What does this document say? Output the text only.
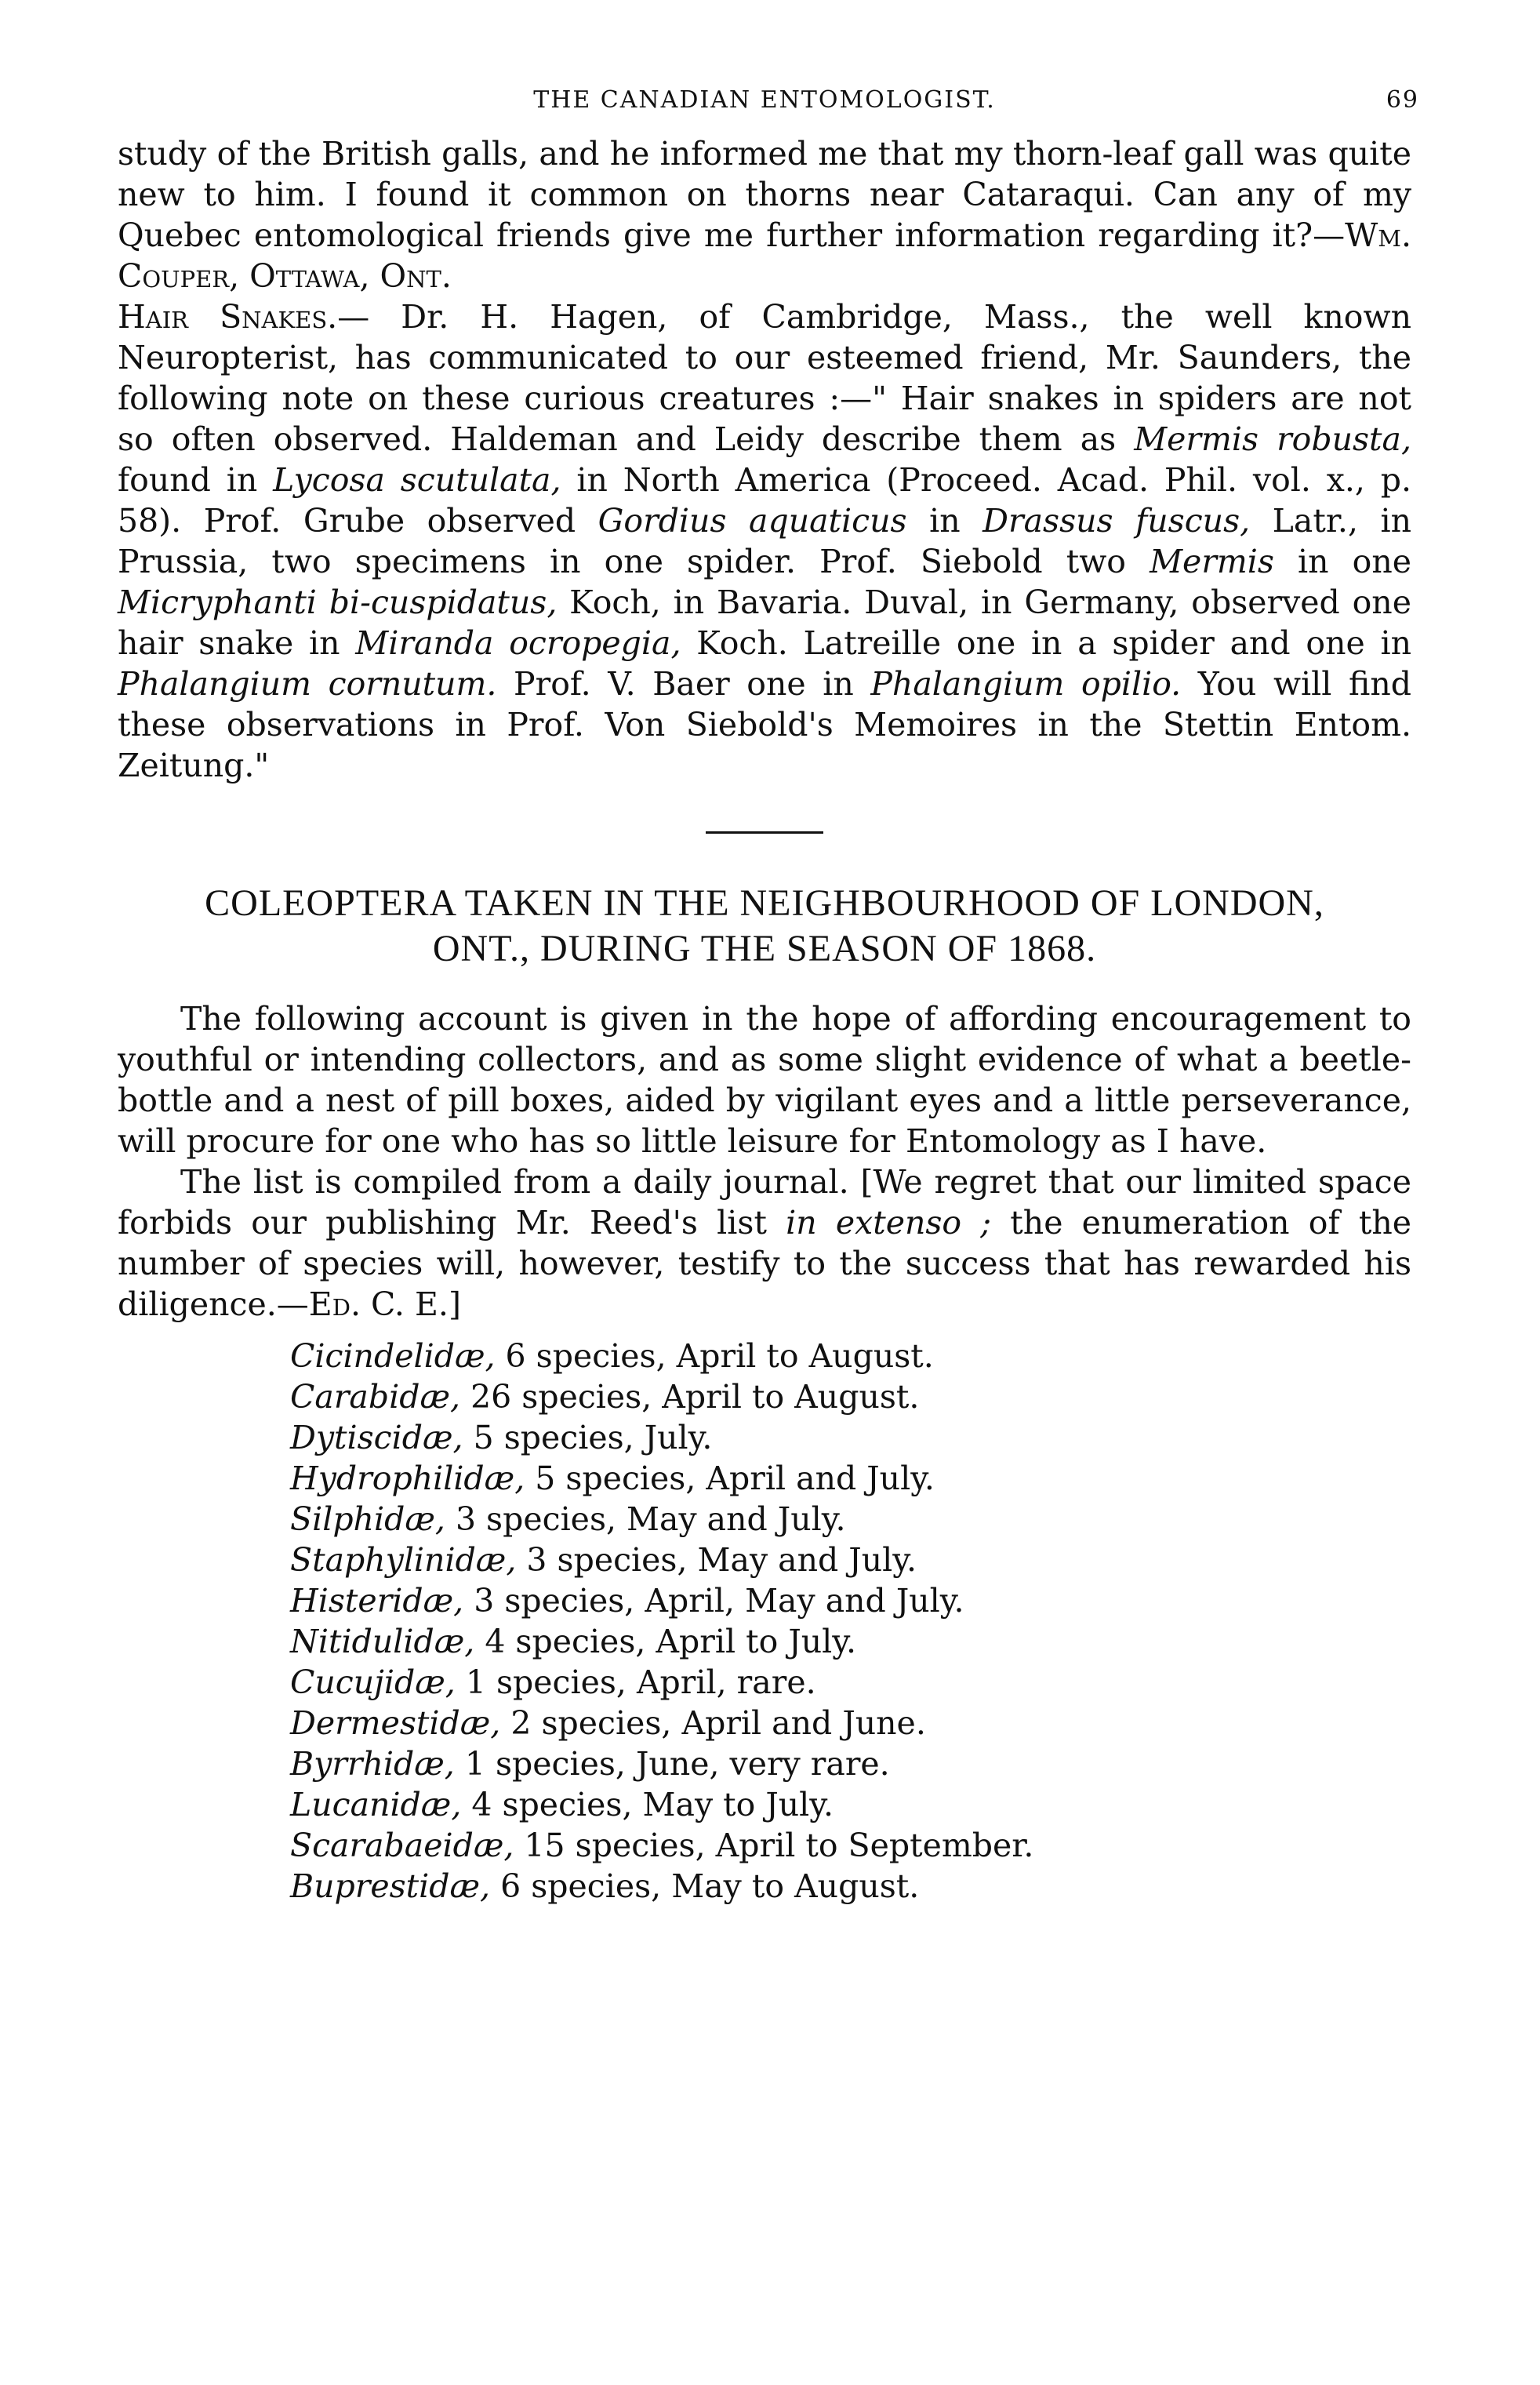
THE CANADIAN ENTOMOLOGIST.	69

study of the British galls, and he informed me that my thorn-leaf gall was quite new to him. I found it common on thorns near Cataraqui. Can any of my Quebec entomological friends give me further information regarding it?—Wm. Couper, Ottawa, Ont.

Hair Snakes.— Dr. H. Hagen, of Cambridge, Mass., the well known Neuropterist, has communicated to our esteemed friend, Mr. Saunders, the following note on these curious creatures :—" Hair snakes in spiders are not so often observed. Haldeman and Leidy describe them as Mermis robusta, found in Lycosa scutulata, in North America (Proceed. Acad. Phil. vol. x., p. 58). Prof. Grube observed Gordius aquaticus in Drassus fuscus, Latr., in Prussia, two specimens in one spider. Prof. Siebold two Mermis in one Micryphanti bi-cuspidatus, Koch, in Bavaria. Duval, in Germany, observed one hair snake in Miranda ocropegia, Koch. Latreille one in a spider and one in Phalangium cornutum. Prof. V. Baer one in Phalangium opilio. You will find these observations in Prof. Von Siebold's Memoires in the Stettin Entom. Zeitung."

COLEOPTERA TAKEN IN THE NEIGHBOURHOOD OF LONDON,
ONT., DURING THE SEASON OF 1868.

The following account is given in the hope of affording encouragement to youthful or intending collectors, and as some slight evidence of what a beetle-bottle and a nest of pill boxes, aided by vigilant eyes and a little perseverance, will procure for one who has so little leisure for Entomology as I have.

The list is compiled from a daily journal. [We regret that our limited space forbids our publishing Mr. Reed's list in extenso ; the enumeration of the number of species will, however, testify to the success that has rewarded his diligence.—Ed. C. E.]

Cicindelidæ, 6 species, April to August.
Carabidæ, 26 species, April to August.
Dytiscidæ, 5 species, July.
Hydrophilidæ, 5 species, April and July.
Silphidæ, 3 species, May and July.
Staphylinidæ, 3 species, May and July.
Histeridæ, 3 species, April, May and July.
Nitidulidæ, 4 species, April to July.
Cucujidæ, 1 species, April, rare.
Dermestidæ, 2 species, April and June.
Byrrhidæ, 1 species, June, very rare.
Lucanidæ, 4 species, May to July.
Scarabaeidæ, 15 species, April to September.
Buprestidæ, 6 species, May to August.
